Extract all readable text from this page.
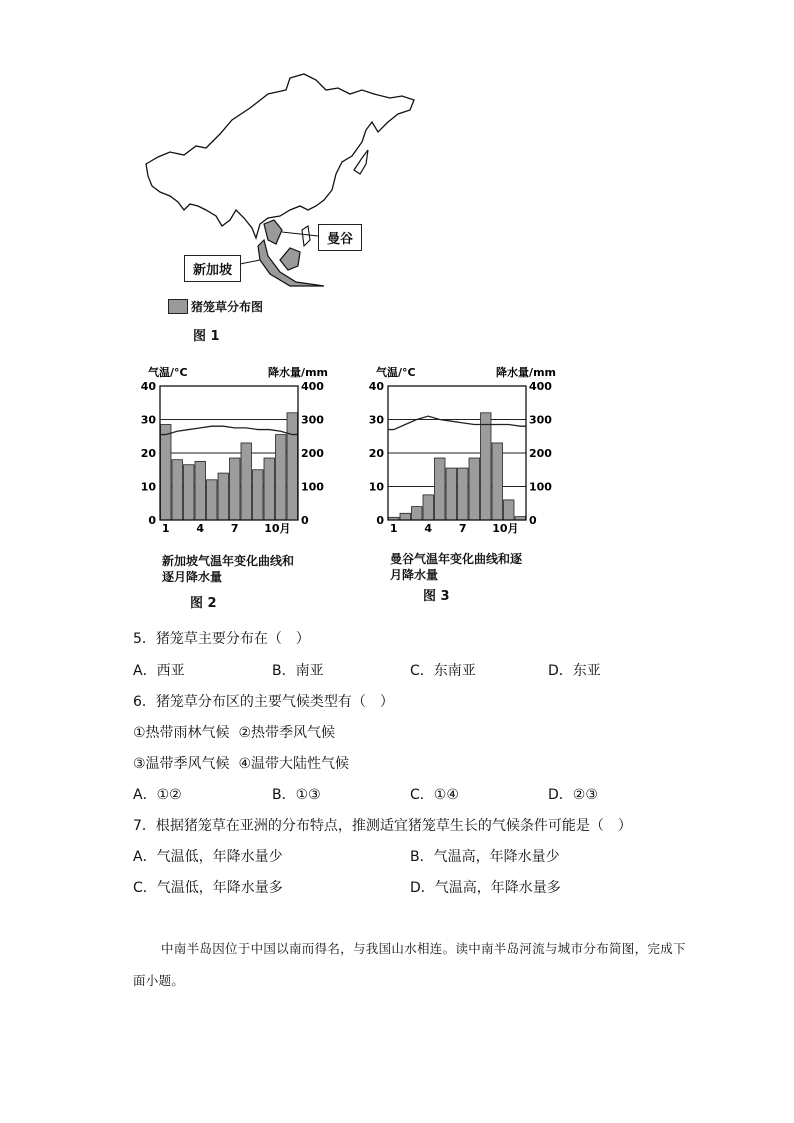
曼谷
新加坡
猪笼草分布图
图 1
气温/°C	降水量/mm
0
10
20
30
40
0
100
200
300
400
1 4 7 10月
气温/°C	降水量/mm
0
10
20
30
40
0
100
200
300
400
1 4 7 10月
新加坡气温年变化曲线和逐月降水量
图 2
曼谷气温年变化曲线和逐月降水量
图 3
5．猪笼草主要分布在（　）
A．西亚	B．南亚	C．东南亚	D．东亚
6．猪笼草分布区的主要气候类型有（　）
①热带雨林气候  ②热带季风气候
③温带季风气候  ④温带大陆性气候
A．①②	B．①③	C．①④	D．②③
7．根据猪笼草在亚洲的分布特点，推测适宜猪笼草生长的气候条件可能是（　）
A．气温低，年降水量少	B．气温高，年降水量少
C．气温低，年降水量多	D．气温高，年降水量多
中南半岛因位于中国以南而得名，与我国山水相连。读中南半岛河流与城市分布简图，完成下面小题。
